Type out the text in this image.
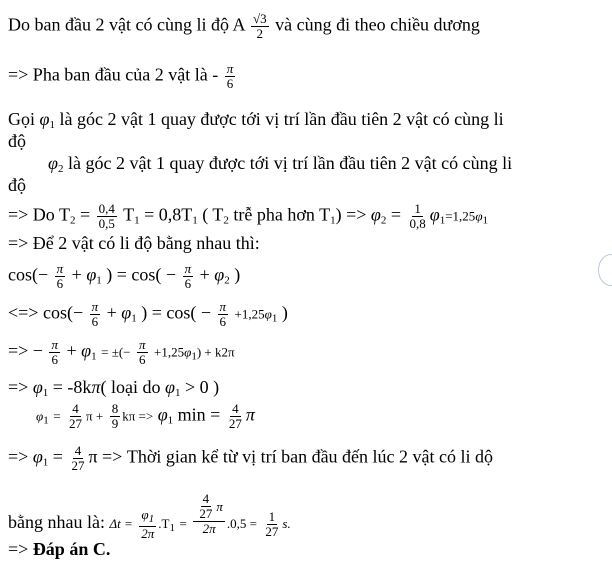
Do ban đầu 2 vật có cùng li độ A $\frac{√3}{2}$ và cùng đi theo chiều dương
=> Pha ban đầu của 2 vật là - $\frac{\pi}{6}$
Gọi $\varphi_1$ là góc 2 vật 1 quay được tới vị trí lần đầu tiên 2 vật có cùng li
độ
$\varphi_2$ là góc 2 vật 1 quay được tới vị trí lần đầu tiên 2 vật có cùng li
độ
=> Do $T_2 = \frac{0,4}{0,5} T_1 = 0,8T_1$ ( $T_2$ trễ pha hơn $T_1) => \varphi_2 = \frac{1}{0,8} \varphi_1=1,25\varphi_1$
=> Để 2 vật có li độ bằng nhau thì:
$\cos(- \frac{\pi}{6} + \varphi_1$ ) = $\cos( - \frac{\pi}{6} + \varphi_2$ )
<=> $\cos(- \frac{\pi}{6} + \varphi_1$ ) = $\cos( - \frac{\pi}{6} +1,25\varphi_1$ )
=> − $\frac{\pi}{6} + \varphi_1$ = ±(− $\frac{\pi}{6} +1,25\varphi_1) + k2\pi$
=> $\varphi_1 = -8k\pi$( loại do $\varphi_1 > 0$ )
$\varphi_1 = \frac{4}{27}$ $\pi + \frac{8}{9}$ $k\pi => \varphi_1$ $\min = \frac{4}{27}$ π
=> $\varphi_1 = \frac{4}{27}$ π => Thời gian kể từ vị trí ban đầu đến lúc 2 vật có li dộ
bằng nhau là: $\Delta t = \frac{\varphi_1}{2\pi} .T_1 = \frac{\frac{4}{27} \pi}{2\pi} .0,5 = \frac{1}{27} s$.
=> Đáp án C.
